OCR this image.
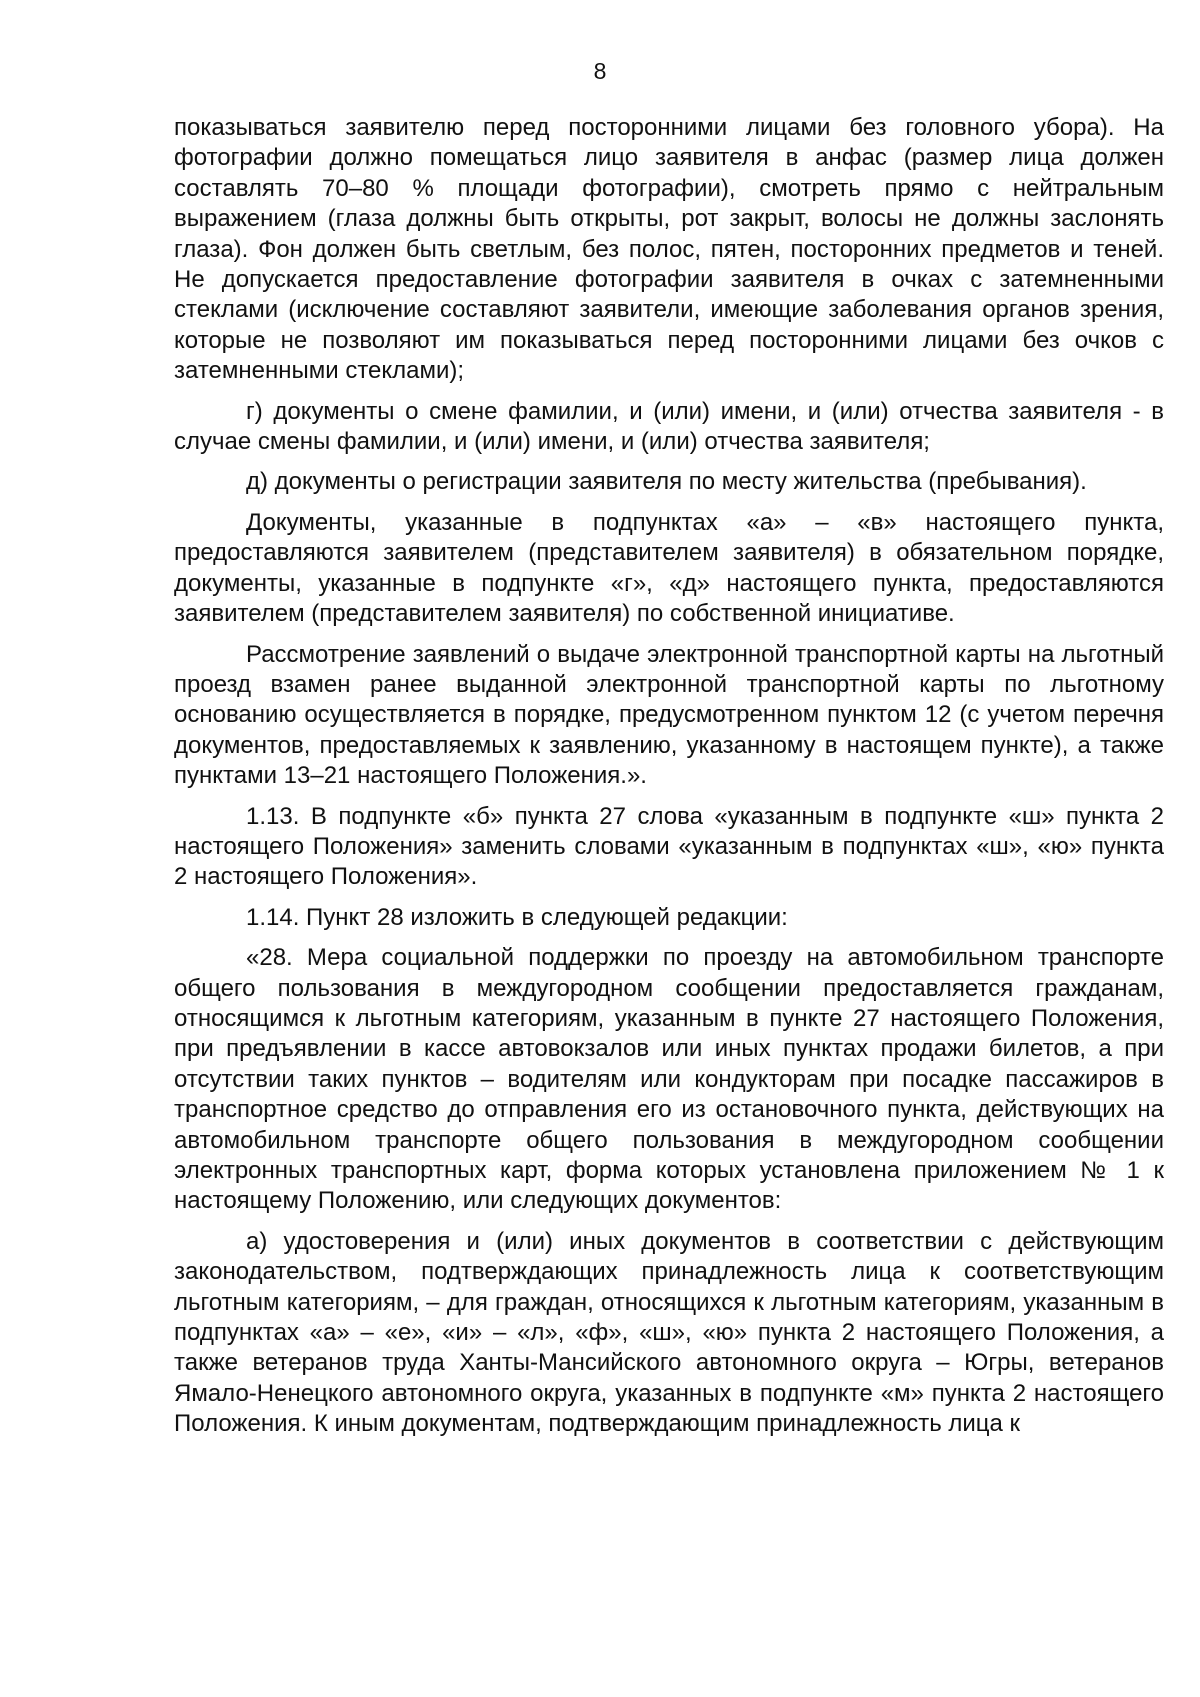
8

показываться заявителю перед посторонними лицами без головного убора). На фотографии должно помещаться лицо заявителя в анфас (размер лица должен составлять 70–80 % площади фотографии), смотреть прямо с нейтральным выражением (глаза должны быть открыты, рот закрыт, волосы не должны заслонять глаза). Фон должен быть светлым, без полос, пятен, посторонних предметов и теней. Не допускается предоставление фотографии заявителя в очках с затемненными стеклами (исключение составляют заявители, имеющие заболевания органов зрения, которые не позволяют им показываться перед посторонними лицами без очков с затемненными стеклами);

г) документы о смене фамилии, и (или) имени, и (или) отчества заявителя - в случае смены фамилии, и (или) имени, и (или) отчества заявителя;

д) документы о регистрации заявителя по месту жительства (пребывания).

Документы, указанные в подпунктах «а» – «в» настоящего пункта, предоставляются заявителем (представителем заявителя) в обязательном порядке, документы, указанные в подпункте «г», «д» настоящего пункта, предоставляются заявителем (представителем заявителя) по собственной инициативе.

Рассмотрение заявлений о выдаче электронной транспортной карты на льготный проезд взамен ранее выданной электронной транспортной карты по льготному основанию осуществляется в порядке, предусмотренном пунктом 12 (с учетом перечня документов, предоставляемых к заявлению, указанному в настоящем пункте), а также пунктами 13–21 настоящего Положения.».

1.13. В подпункте «б» пункта 27 слова «указанным в подпункте «ш» пункта 2 настоящего Положения» заменить словами «указанным в подпунктах «ш», «ю» пункта 2 настоящего Положения».

1.14. Пункт 28 изложить в следующей редакции:

«28. Мера социальной поддержки по проезду на автомобильном транспорте общего пользования в междугородном сообщении предоставляется гражданам, относящимся к льготным категориям, указанным в пункте 27 настоящего Положения, при предъявлении в кассе автовокзалов или иных пунктах продажи билетов, а при отсутствии таких пунктов – водителям или кондукторам при посадке пассажиров в транспортное средство до отправления его из остановочного пункта, действующих на автомобильном транспорте общего пользования в междугородном сообщении электронных транспортных карт, форма которых установлена приложением № 1 к настоящему Положению, или следующих документов:

а) удостоверения и (или) иных документов в соответствии с действующим законодательством, подтверждающих принадлежность лица к соответствующим льготным категориям, – для граждан, относящихся к льготным категориям, указанным в подпунктах «а» – «е», «и» – «л», «ф», «ш», «ю» пункта 2 настоящего Положения, а также ветеранов труда Ханты-Мансийского автономного округа – Югры, ветеранов Ямало-Ненецкого автономного округа, указанных в подпункте «м» пункта 2 настоящего Положения. К иным документам, подтверждающим принадлежность лица к
